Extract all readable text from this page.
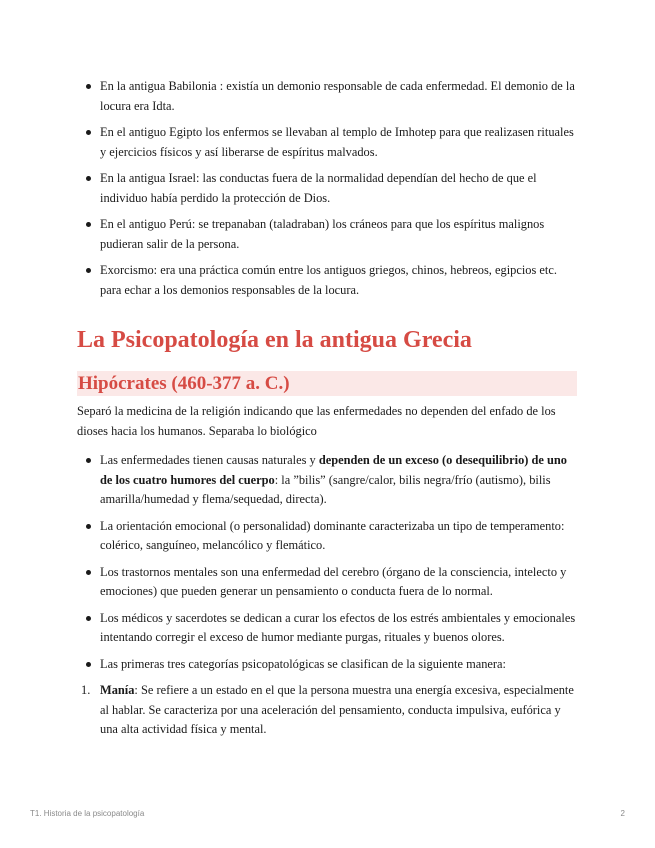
En la antigua Babilonia : existía un demonio responsable de cada enfermedad. El demonio de la locura era Idta.
En el antiguo Egipto los enfermos se llevaban al templo de Imhotep para que realizasen rituales y ejercicios físicos y así liberarse de espíritus malvados.
En la antigua Israel: las conductas fuera de la normalidad dependían del hecho de que el individuo había perdido la protección de Dios.
En el antiguo Perú: se trepanaban (taladraban) los cráneos para que los espíritus malignos pudieran salir de la persona.
Exorcismo: era una práctica común entre los antiguos griegos, chinos, hebreos, egipcios etc. para echar a los demonios responsables de la locura.
La Psicopatología en la antigua Grecia
Hipócrates (460-377 a. C.)

Separó la medicina de la religión indicando que las enfermedades no dependen del enfado de los dioses hacia los humanos. Separaba lo biológico

Las enfermedades tienen causas naturales y dependen de un exceso (o desequilibrio) de uno de los cuatro humores del cuerpo: la ”bilis” (sangre/calor, bilis negra/frío (autismo), bilis amarilla/humedad y flema/sequedad, directa).
La orientación emocional (o personalidad) dominante caracterizaba un tipo de temperamento: colérico, sanguíneo, melancólico y flemático.
Los trastornos mentales son una enfermedad del cerebro (órgano de la consciencia, intelecto y emociones) que pueden generar un pensamiento o conducta fuera de lo normal.
Los médicos y sacerdotes se dedican a curar los efectos de los estrés ambientales y emocionales intentando corregir el exceso de humor mediante purgas, rituales y buenos olores.
Las primeras tres categorías psicopatológicas se clasifican de la siguiente manera:
1. Manía: Se refiere a un estado en el que la persona muestra una energía excesiva, especialmente al hablar. Se caracteriza por una aceleración del pensamiento, conducta impulsiva, eufórica y una alta actividad física y mental.
T1. Historia de la psicopatología	2
